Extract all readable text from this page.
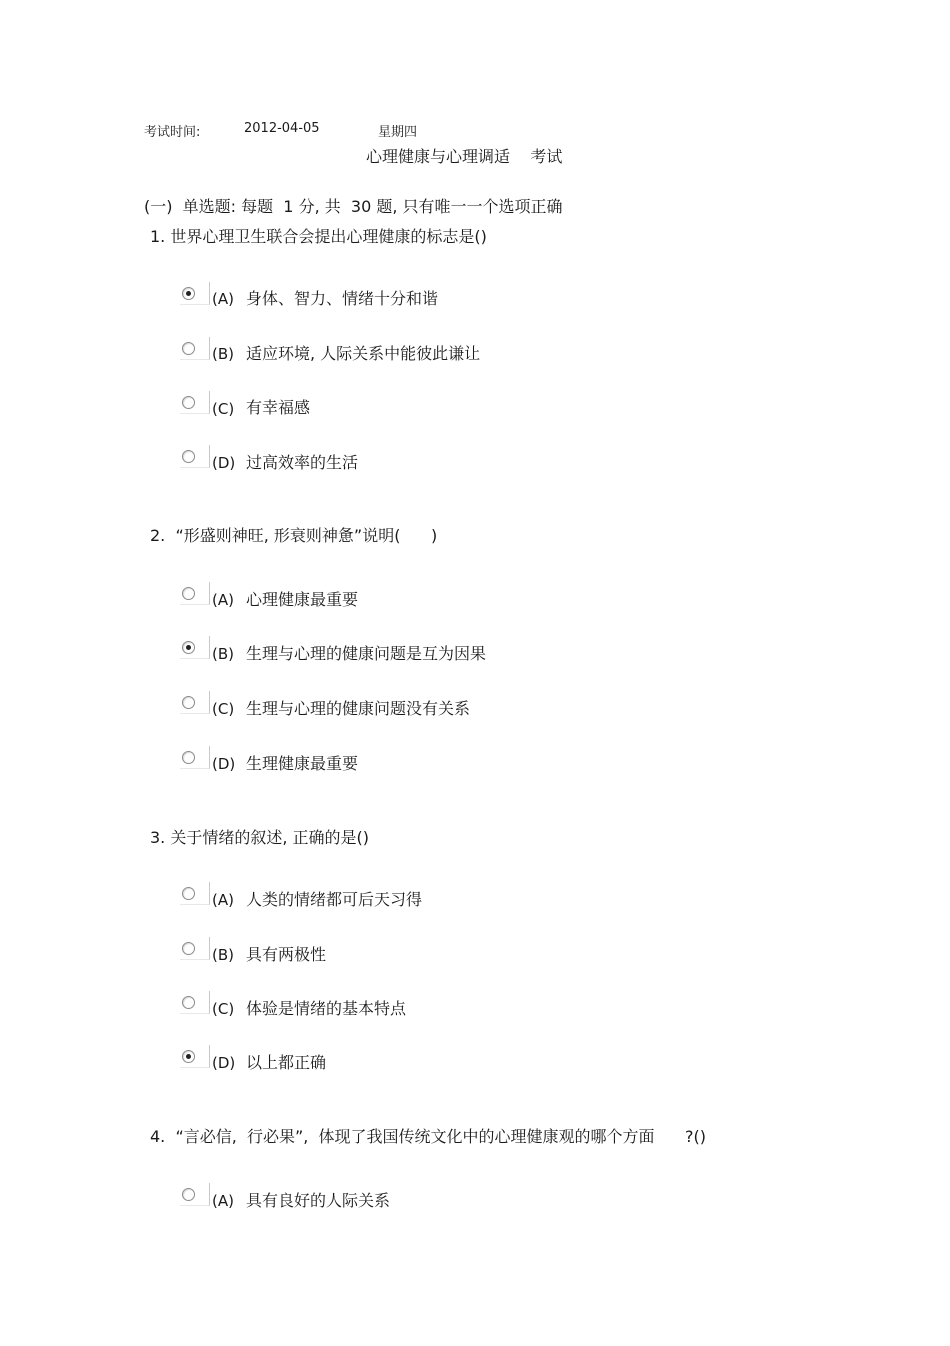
考试时间:	2012-04-05	星期四
心理健康与心理调适    考试
(一)  单选题: 每题  1 分, 共  30 题, 只有唯一一个选项正确
1. 世界心理卫生联合会提出心理健康的标志是()
(A) 身体、智力、情绪十分和谐
(B) 适应环境, 人际关系中能彼此谦让
(C) 有幸福感
(D) 过高效率的生活
2.  “形盛则神旺, 形衰则神惫”说明(      )
(A) 心理健康最重要
(B) 生理与心理的健康问题是互为因果
(C) 生理与心理的健康问题没有关系
(D) 生理健康最重要
3. 关于情绪的叙述, 正确的是()
(A) 人类的情绪都可后天习得
(B) 具有两极性
(C) 体验是情绪的基本特点
(D) 以上都正确
4.  “言必信,  行必果”,  体现了我国传统文化中的心理健康观的哪个方面      ?()
(A) 具有良好的人际关系
